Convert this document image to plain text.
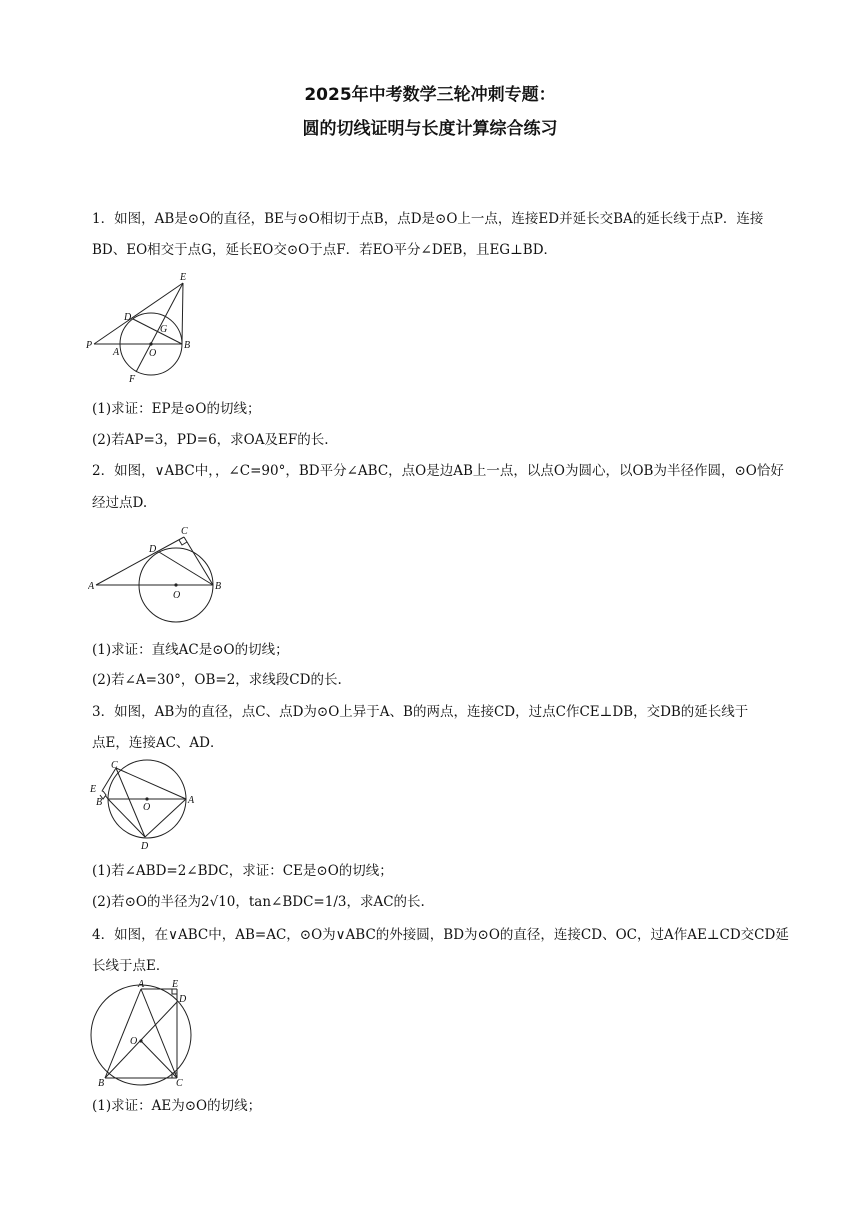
2025年中考数学三轮冲刺专题：
圆的切线证明与长度计算综合练习
1．如图，AB是⊙O的直径，BE与⊙O相切于点B，点D是⊙O上一点，连接ED并延长交BA的延长线于点P．连接
BD、EO相交于点G，延长EO交⊙O于点F．若EO平分∠DEB，且EG⊥BD．
E
D
G
P
A	O
B
F
(1)求证：EP是⊙O的切线；
(2)若AP=3，PD=6，求OA及EF的长.
2．如图，∨ABC中，，∠C=90°，BD平分∠ABC，点O是边AB上一点，以点O为圆心，以OB为半径作圆，⊙O恰好
经过点D.
C
D
A
O
B
(1)求证：直线AC是⊙O的切线；
(2)若∠A=30°，OB=2，求线段CD的长.
3．如图，AB为的直径，点C、点D为⊙O上异于A、B的两点，连接CD，过点C作CE⊥DB，交DB的延长线于
点E，连接AC、AD．
C
E
B	O
A
D
(1)若∠ABD=2∠BDC，求证：CE是⊙O的切线；
(2)若⊙O的半径为2√10，tan∠BDC=1/3，求AC的长.
4．如图，在∨ABC中，AB=AC，⊙O为∨ABC的外接圆，BD为⊙O的直径，连接CD、OC，过A作AE⊥CD交CD延
长线于点E．
A	E
D
O
B	C
(1)求证：AE为⊙O的切线；
